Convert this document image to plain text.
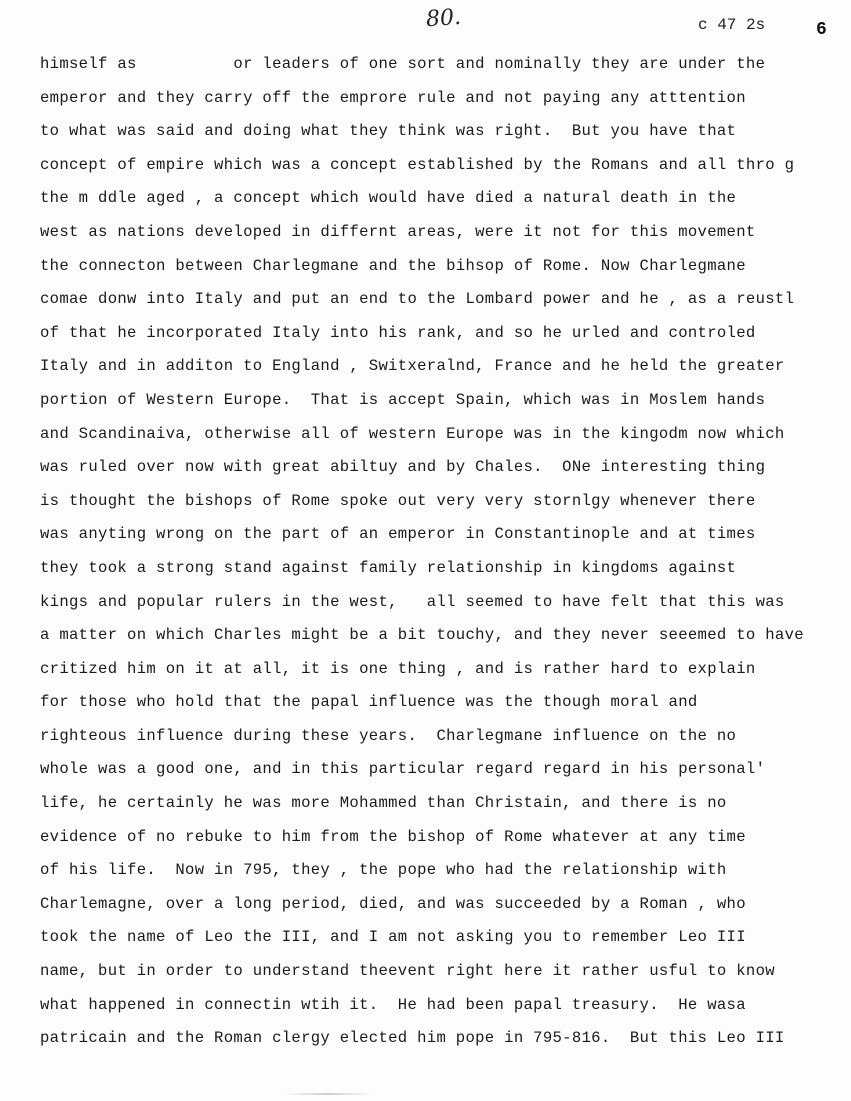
80.	c 47 2s	6
himself as          or leaders of one sort and nominally they are under the
emperor and they carry off the emprore rule and not paying any atttention
to what was said and doing what they think was right.  But you have that
concept of empire which was a concept established by the Romans and all thro g
the m ddle aged , a concept which would have died a natural death in the
west as nations developed in differnt areas, were it not for this movement
the connecton between Charlegmane and the bihsop of Rome. Now Charlegmane
comae donw into Italy and put an end to the Lombard power and he , as a reustl
of that he incorporated Italy into his rank, and so he urled and controled
Italy and in additon to England , Switxeralnd, France and he held the greater
portion of Western Europe.  That is accept Spain, which was in Moslem hands
and Scandinaiva, otherwise all of western Europe was in the kingodm now which
was ruled over now with great abiltuy and by Chales.  ONe interesting thing
is thought the bishops of Rome spoke out very very stornlgy whenever there
was anyting wrong on the part of an emperor in Constantinople and at times
they took a strong stand against family relationship in kingdoms against
kings and popular rulers in the west,   all seemed to have felt that this was
a matter on which Charles might be a bit touchy, and they never seeemed to have
critized him on it at all, it is one thing , and is rather hard to explain
for those who hold that the papal influence was the though moral and
righteous influence during these years.  Charlegmane influence on the no
whole was a good one, and in this particular regard regard in his personal'
life, he certainly he was more Mohammed than Christain, and there is no
evidence of no rebuke to him from the bishop of Rome whatever at any time
of his life.  Now in 795, they , the pope who had the relationship with
Charlemagne, over a long period, died, and was succeeded by a Roman , who
took the name of Leo the III, and I am not asking you to remember Leo III
name, but in order to understand theevent right here it rather usful to know
what happened in connectin wtih it.  He had been papal treasury.  He wasa
patricain and the Roman clergy elected him pope in 795-816.  But this Leo III
